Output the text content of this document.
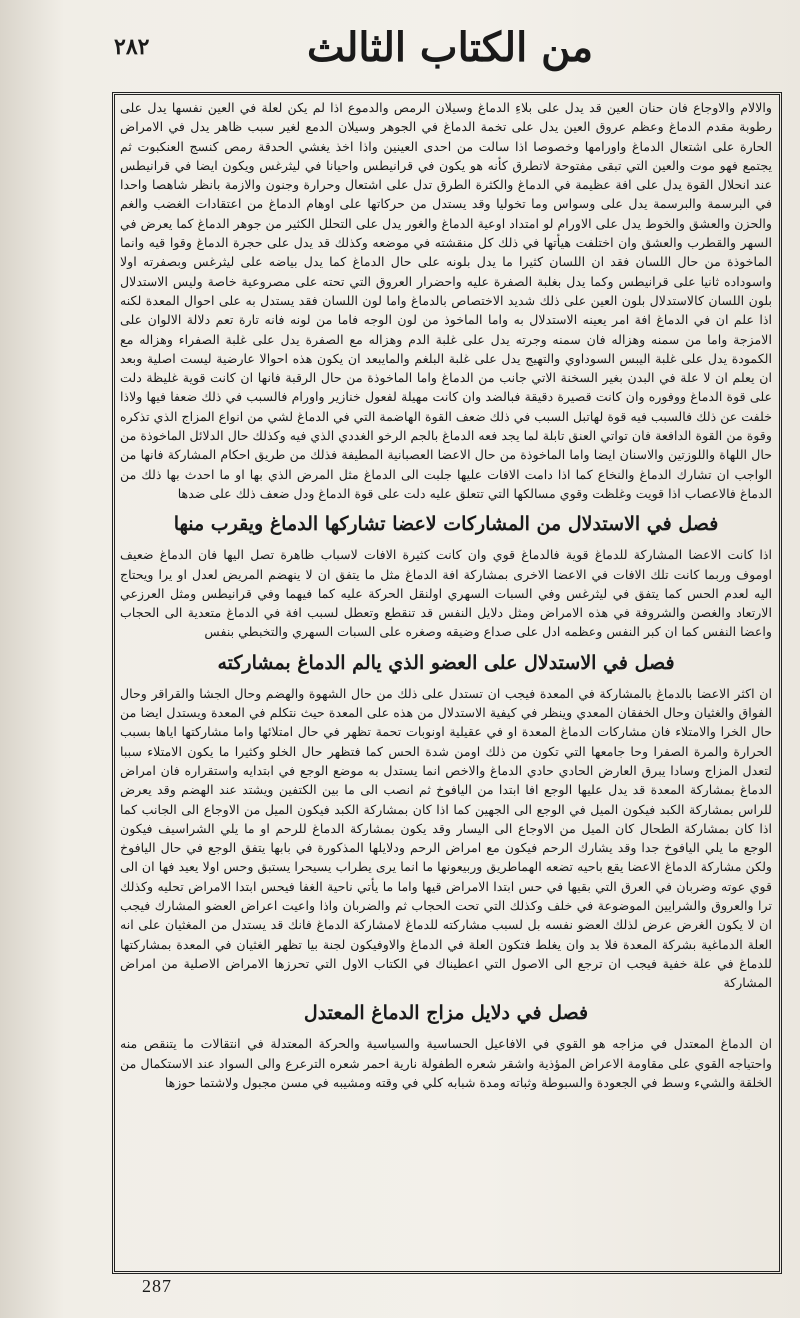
٢٨٢	من الكتاب الثالث

والالام والاوجاع فان حنان العين قد يدل على بلاءِ الدماغ وسيلان الرمص والدموع اذا لم يكن لعلة في العين نفسها يدل على رطوبة مقدم الدماغ وعظم عروق العين يدل على تخمة الدماغ في الجوهر وسيلان الدمع لغير سبب ظاهر يدل في الامراض الحارة على اشتعال الدماغ واورامها وخصوصا اذا سالت من احدى العينين واذا اخذ يغشي الحدقة رمص كنسج العنكبوت ثم يجتمع فهو موت والعين التي تبقى مفتوحة لاتطرق كأنه هو يكون في قرانيطس واحيانا في ليثرغس ويكون ايضا في قرانيطس عند انحلال القوة يدل على افة عظيمة في الدماغ والكثرة الطرق تدل على اشتعال وحرارة وجنون والازمة بانظر شاهصا واحدا في البرسمة والبرسمة يدل على وسواس وما تخوليا وقد يستدل من حركاتها على اوهام الدماغ من اعتقادات الغضب والغم والحزن والعشق والخوط يدل على الاورام لو امتداد اوعية الدماغ والغور يدل على التحلل الكثير من جوهر الدماغ كما يعرض في السهر والقطرب والعشق وان اختلفت هيأتها في ذلك كل منقشته في موضعه وكذلك قد يدل على حجرة الدماغ وقوا قيه وانما الماخوذة من حال اللسان فقد ان اللسان كثيرا ما يدل بلونه على حال الدماغ كما يدل بياضه على ليثرغس وبصفرته اولا واسوداده ثانيا على قرانيطس وكما يدل بغلبة الصفرة عليه واحضرار العروق التي تحته على مصروعية خاصة وليس الاستدلال بلون اللسان كالاستدلال بلون العين على ذلك شديد الاختصاص بالدماغ واما لون اللسان فقد يستدل به على احوال المعدة لكنه اذا علم ان في الدماغ افة امر يعينه الاستدلال به واما الماخوذ من لون الوجه فاما من لونه فانه تارة تعم دلالة الالوان على الامزجة واما من سمنه وهزاله فان سمنه وجرته يدل على غلبة الدم وهزاله مع الصفرة يدل على غلبة الصفراء وهزاله مع الكمودة يدل على غلبة اليبس السوداوي والتهيج يدل على غلبة البلغم والمايبعد ان يكون هذه احوالا عارضية ليست اصلية وبعد ان يعلم ان لا علة في البدن بغير السخنة الاتي جانب من الدماغ واما الماخوذة من حال الرقبة فانها ان كانت قوية غليظة دلت على قوة الدماغ ووفوره وان كانت قصيرة دقيقة فبالضد وان كانت مهيلة لفعول خنازير واورام فالسبب في ذلك ضعفا فيها ولاذا خلفت عن ذلك فالسبب فيه قوة لهاتبل السبب في ذلك ضعف القوة الهاضمة التي في الدماغ لشي من انواع المزاج الذي تذكره وقوة من القوة الدافعة فان تواتي العنق تابلة لما يجد فعه الدماغ بالجم الرخو الغددي الذي فيه وكذلك حال الدلائل الماخوذة من حال اللهاة واللوزتين والاسنان ايضا واما الماخوذة من حال الاعضا العصبانية المطيفة فذلك من طريق احكام المشاركة فانها من الواجب ان تشارك الدماغ والنخاع كما اذا دامت الافات عليها جلبت الى الدماغ مثل المرض الذي بها او ما احدث بها ذلك من الدماغ فالاعصاب اذا قويت وغلظت وقوي مسالكها التي تتعلق عليه دلت على قوة الدماغ ودل ضعف ذلك على ضدها

فصل في الاستدلال من المشاركات لاعضا تشاركها الدماغ ويقرب منها

اذا كانت الاعضا المشاركة للدماغ قوية فالدماغ قوي وان كانت كثيرة الافات لاسباب ظاهرة تصل اليها فان الدماغ ضعيف اوموف وربما كانت تلك الافات في الاعضا الاخرى بمشاركة افة الدماغ مثل ما يتفق ان لا ينهضم المريض لعدل او يرا ويحتاج اليه لعدم الحس كما يتفق في ليثرغس وفي السبات السهري اولنقل الحركة عليه كما فيهما وفي قرانيطس ومثل العرزعي الارتعاد والغصن والشروفة في هذه الامراض ومثل دلايل النفس قد تنقطع وتعطل لسبب افة في الدماغ متعدية الى الحجاب واعضا النفس كما ان كبر النفس وعظمه ادل على صداع وضيقه وصغره على السبات السهري والتخبطي بنفس

فصل في الاستدلال على العضو الذي يالم الدماغ بمشاركته

ان اكثر الاعضا بالدماغ بالمشاركة في المعدة فيجب ان تستدل على ذلك من حال الشهوة والهضم وحال الجشا والقراقر وحال الفواق والغثيان وحال الخفقان المعدي وينظر في كيفية الاستدلال من هذه على المعدة حيث نتكلم في المعدة ويستدل ايضا من حال الخرا والامتلاء فان مشاركات الدماغ المعدة او في عقيلية اونوبات تحمة تظهر في حال امتلائها واما مشاركتها اياها بسبب الحرارة والمرة الصفرا وحا جامعها التي تكون من ذلك اومن شدة الحس كما فتظهر حال الخلو وكثيرا ما يكون الامتلاء سببا لتعدل المزاج وسادا يبرق العارض الحادي حادي الدماغ والاخص انما يستدل به موضع الوجع في ابتدايه واستقراره فان امراض الدماغ بمشاركة المعدة قد يدل عليها الوجع افا ابتدا من اليافوخ ثم انصب الى ما بين الكتفين ويشتد عند الهضم وقد يعرض للراس بمشاركة الكبد فيكون الميل في الوجع الى الجهين كما اذا كان بمشاركة الكبد فيكون الميل من الاوجاع الى الجانب كما اذا كان بمشاركة الطحال كان الميل من الاوجاع الى اليسار وقد يكون بمشاركة الدماغ للرحم او ما يلي الشراسيف فيكون الوجع ما يلي اليافوخ جدا وقد يشارك الرحم فيكون مع امراض الرحم ودلايلها المذكورة في بابها يتفق الوجع في حال اليافوخ ولكن مشاركة الدماغ الاعضا يقع باحيه تضعه الهماطريق وربيعونها ما انما يرى يطراب يسيحرا يستبق وحس اولا يعيد فها ان الى قوي عوته وضربان في العرق التي بقيها في حس ابتدا الامراض قيها واما ما يأتي ناحية الغفا فيحس ابتدا الامراض تحليه وكذلك ترا والعروق والشرايين الموضوعة في خلف وكذلك التي تحت الحجاب ثم والضربان واذا واعيت اعراض العضو المشارك فيجب ان لا يكون الغرض عرض لذلك العضو نفسه بل لسبب مشاركته للدماغ لامشاركة الدماغ فانك قد يستدل من المغثيان على انه العلة الدماغية بشركة المعدة فلا بد وان يغلط فتكون العلة في الدماغ والاوفيكون لجنة بيا تظهر الغثيان في المعدة بمشاركتها للدماغ في علة خفية فيجب ان ترجع الى الاصول التي اعطيناك في الكتاب الاول التي تحرزها الامراض الاصلية من امراض المشاركة

فصل في دلايل مزاج الدماغ المعتدل

ان الدماغ المعتدل في مزاجه هو القوي في الافاعيل الحساسية والسياسية والحركة المعتدلة في انتقالات ما يتنقص منه واحتياجه القوي على مقاومة الاعراض المؤذية واشقر شعره الطفولة نارية احمر شعره الترعرع والى السواد عند الاستكمال من الخلقة والشيء وسط في الجعودة والسبوطة وثباته ومدة شبابه كلي في وقته ومشيبه في مسن مجبول ولاشتما حوزها

287
